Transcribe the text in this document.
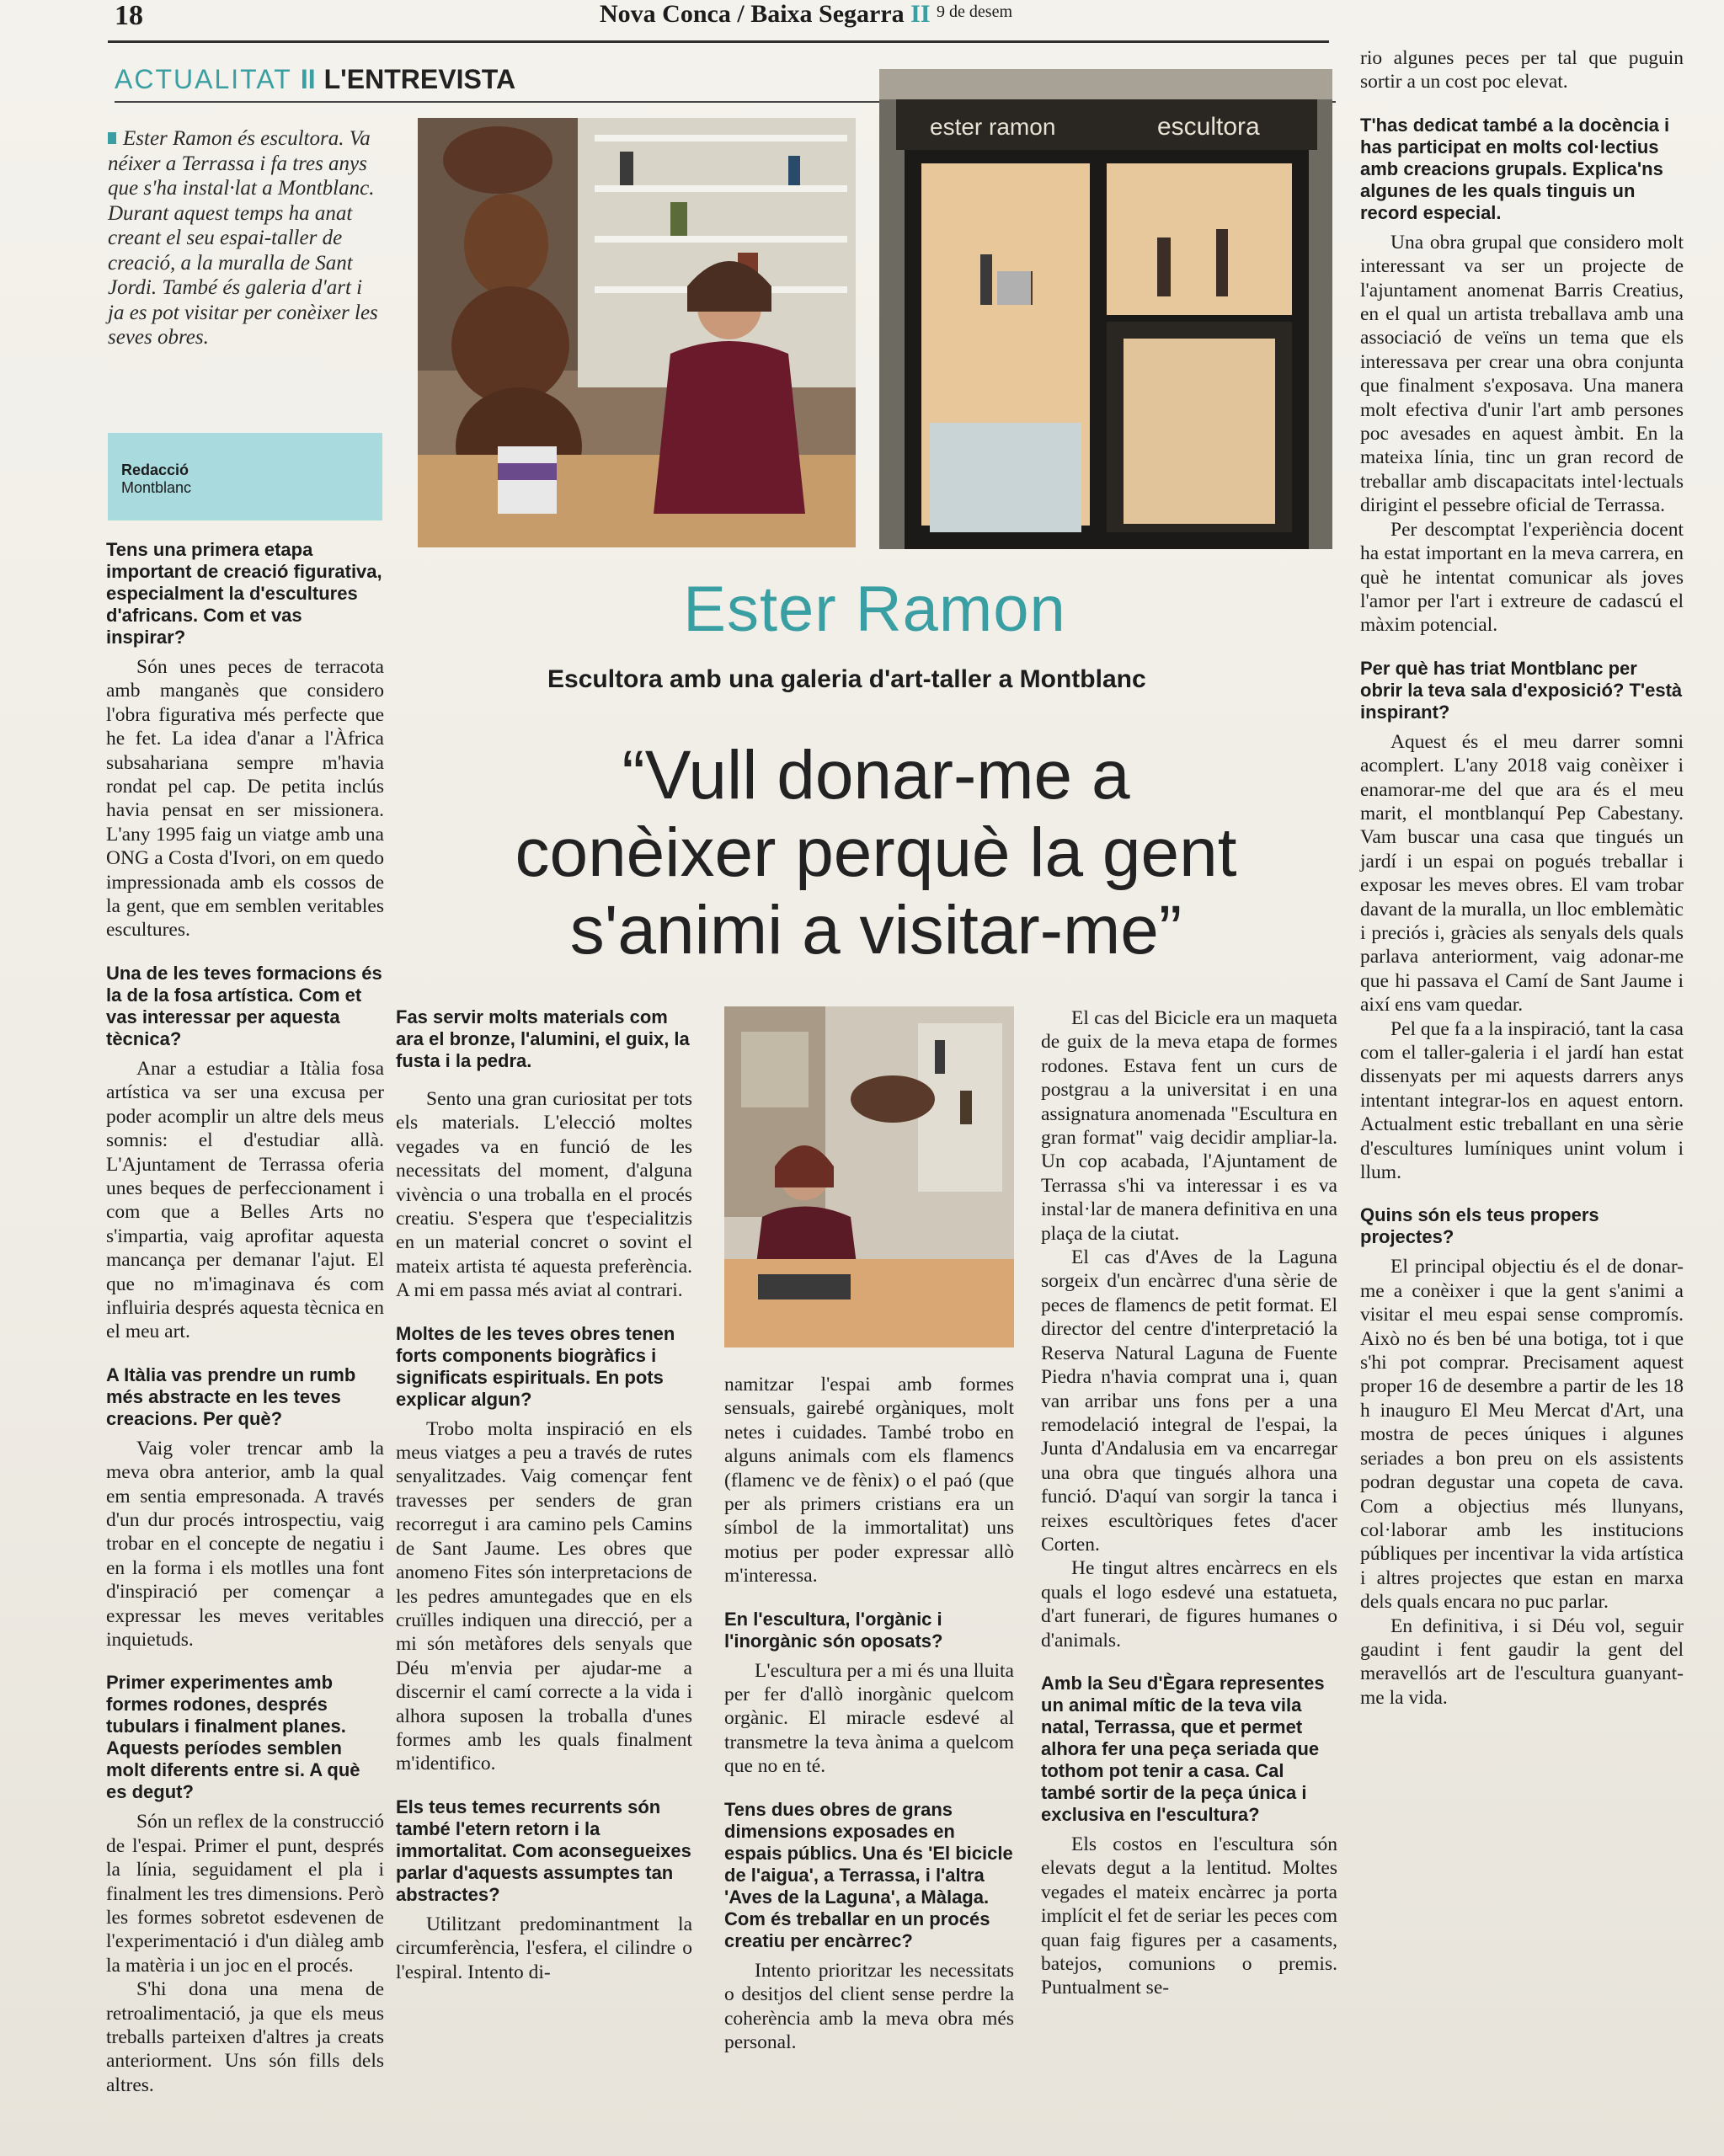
18	Nova Conca / Baixa Segarra II $^{9 de desem}$
ACTUALITAT II L'ENTREVISTA
Ester Ramon és escultora. Va néixer a Terrassa i fa tres anys que s'ha instal·lat a Montblanc. Durant aquest temps ha anat creant el seu espai-taller de creació, a la muralla de Sant Jordi. També és galeria d'art i ja es pot visitar per conèixer les seves obres.
Redacció
Montblanc
ester ramon	escultora
Ester Ramon
Escultora amb una galeria d'art-taller a Montblanc
“Vull donar-me a
conèixer perquè la gent
s'animi a visitar-me”
Tens una primera etapa important de creació figurativa, especialment la d'escultures d'africans. Com et vas inspirar?

Són unes peces de terracota amb manganès que considero l'obra figurativa més perfecte que he fet. La idea d'anar a l'Àfrica subsahariana sempre m'havia rondat pel cap. De petita inclús havia pensat en ser missionera. L'any 1995 faig un viatge amb una ONG a Costa d'Ivori, on em quedo impressionada amb els cossos de la gent, que em semblen veritables escultures.

Una de les teves formacions és la de la fosa artística. Com et vas interessar per aquesta tècnica?

Anar a estudiar a Itàlia fosa artística va ser una excusa per poder acomplir un altre dels meus somnis: el d'estudiar allà. L'Ajuntament de Terrassa oferia unes beques de perfeccionament i com que a Belles Arts no s'impartia, vaig aprofitar aquesta mancança per demanar l'ajut. El que no m'imaginava és com influiria després aquesta tècnica en el meu art.

A Itàlia vas prendre un rumb més abstracte en les teves creacions. Per què?

Vaig voler trencar amb la meva obra anterior, amb la qual em sentia empresonada. A través d'un dur procés introspectiu, vaig trobar en el concepte de negatiu i en la forma i els motlles una font d'inspiració per començar a expressar les meves veritables inquietuds.

Primer experimentes amb formes rodones, després tubulars i finalment planes. Aquests períodes semblen molt diferents entre si. A què es degut?

Són un reflex de la construcció de l'espai. Primer el punt, després la línia, seguidament el pla i finalment les tres dimensions. Però les formes sobretot esdevenen de l'experimentació i d'un diàleg amb la matèria i un joc en el procés.

S'hi dona una mena de retroalimentació, ja que els meus treballs parteixen d'altres ja creats anteriorment. Uns són fills dels altres.

Fas servir molts materials com ara el bronze, l'alumini, el guix, la fusta i la pedra.

Sento una gran curiositat per tots els materials. L'elecció moltes vegades va en funció de les necessitats del moment, d'alguna vivència o una troballa en el procés creatiu. S'espera que t'especialitzis en un material concret o sovint el mateix artista té aquesta preferència. A mi em passa més aviat al contrari.

Moltes de les teves obres tenen forts components biogràfics i significats espirituals. En pots explicar algun?

Trobo molta inspiració en els meus viatges a peu a través de rutes senyalitzades. Vaig començar fent travesses per senders de gran recorregut i ara camino pels Camins de Sant Jaume. Les obres que anomeno Fites són interpretacions de les pedres amuntegades que en els cruïlles indiquen una direcció, per a mi són metàfores dels senyals que Déu m'envia per ajudar-me a discernir el camí correcte a la vida i alhora suposen la troballa d'unes formes amb les quals finalment m'identifico.

Els teus temes recurrents són també l'etern retorn i la immortalitat. Com aconsegueixes parlar d'aquests assumptes tan abstractes?

Utilitzant predominantment la circumferència, l'esfera, el cilindre o l'espiral. Intento di-

namitzar l'espai amb formes sensuals, gairebé orgàniques, molt netes i cuidades. També trobo en alguns animals com els flamencs (flamenc ve de fènix) o el paó (que per als primers cristians era un símbol de la immortalitat) uns motius per poder expressar allò m'interessa.

En l'escultura, l'orgànic i l'inorgànic són oposats?

L'escultura per a mi és una lluita per fer d'allò inorgànic quelcom orgànic. El miracle esdevé al transmetre la teva ànima a quelcom que no en té.

Tens dues obres de grans dimensions exposades en espais públics. Una és 'El bicicle de l'aigua', a Terrassa, i l'altra 'Aves de la Laguna', a Màlaga. Com és treballar en un procés creatiu per encàrrec?

Intento prioritzar les necessitats o desitjos del client sense perdre la coherència amb la meva obra més personal.

El cas del Bicicle era un maqueta de guix de la meva etapa de formes rodones. Estava fent un curs de postgrau a la universitat i en una assignatura anomenada "Escultura en gran format" vaig decidir ampliar-la. Un cop acabada, l'Ajuntament de Terrassa s'hi va interessar i es va instal·lar de manera definitiva en una plaça de la ciutat.

El cas d'Aves de la Laguna sorgeix d'un encàrrec d'una sèrie de peces de flamencs de petit format. El director del centre d'interpretació la Reserva Natural Laguna de Fuente Piedra n'havia comprat una i, quan van arribar uns fons per a una remodelació integral de l'espai, la Junta d'Andalusia em va encarregar una obra que tingués alhora una funció. D'aquí van sorgir la tanca i reixes escultòriques fetes d'acer Corten.

He tingut altres encàrrecs en els quals el logo esdevé una estatueta, d'art funerari, de figures humanes o d'animals.

Amb la Seu d'Ègara representes un animal mític de la teva vila natal, Terrassa, que et permet alhora fer una peça seriada que tothom pot tenir a casa. Cal també sortir de la peça única i exclusiva en l'escultura?

Els costos en l'escultura són elevats degut a la lentitud. Moltes vegades el mateix encàrrec ja porta implícit el fet de seriar les peces com quan faig figures per a casaments, batejos, comunions o premis. Puntualment se-

rio algunes peces per tal que puguin sortir a un cost poc elevat.

T'has dedicat també a la docència i has participat en molts col·lectius amb creacions grupals. Explica'ns algunes de les quals tinguis un record especial.

Una obra grupal que considero molt interessant va ser un projecte de l'ajuntament anomenat Barris Creatius, en el qual un artista treballava amb una associació de veïns un tema que els interessava per crear una obra conjunta que finalment s'exposava. Una manera molt efectiva d'unir l'art amb persones poc avesades en aquest àmbit. En la mateixa línia, tinc un gran record de treballar amb discapacitats intel·lectuals dirigint el pessebre oficial de Terrassa.

Per descomptat l'experiència docent ha estat important en la meva carrera, en què he intentat comunicar als joves l'amor per l'art i extreure de cadascú el màxim potencial.

Per què has triat Montblanc per obrir la teva sala d'exposició? T'està inspirant?

Aquest és el meu darrer somni acomplert. L'any 2018 vaig conèixer i enamorar-me del que ara és el meu marit, el montblanquí Pep Cabestany. Vam buscar una casa que tingués un jardí i un espai on pogués treballar i exposar les meves obres. El vam trobar davant de la muralla, un lloc emblemàtic i preciós i, gràcies als senyals dels quals parlava anteriorment, vaig adonar-me que hi passava el Camí de Sant Jaume i així ens vam quedar.

Pel que fa a la inspiració, tant la casa com el taller-galeria i el jardí han estat dissenyats per mi aquests darrers anys intentant integrar-los en aquest entorn. Actualment estic treballant en una sèrie d'escultures lumíniques unint volum i llum.

Quins són els teus propers projectes?

El principal objectiu és el de donar-me a conèixer i que la gent s'animi a visitar el meu espai sense compromís. Això no és ben bé una botiga, tot i que s'hi pot comprar. Precisament aquest proper 16 de desembre a partir de les 18 h inauguro El Meu Mercat d'Art, una mostra de peces úniques i algunes seriades a bon preu on els assistents podran degustar una copeta de cava. Com a objectius més llunyans, col·laborar amb les institucions públiques per incentivar la vida artística i altres projectes que estan en marxa dels quals encara no puc parlar.

En definitiva, i si Déu vol, seguir gaudint i fent gaudir la gent del meravellós art de l'escultura guanyant-me la vida.
